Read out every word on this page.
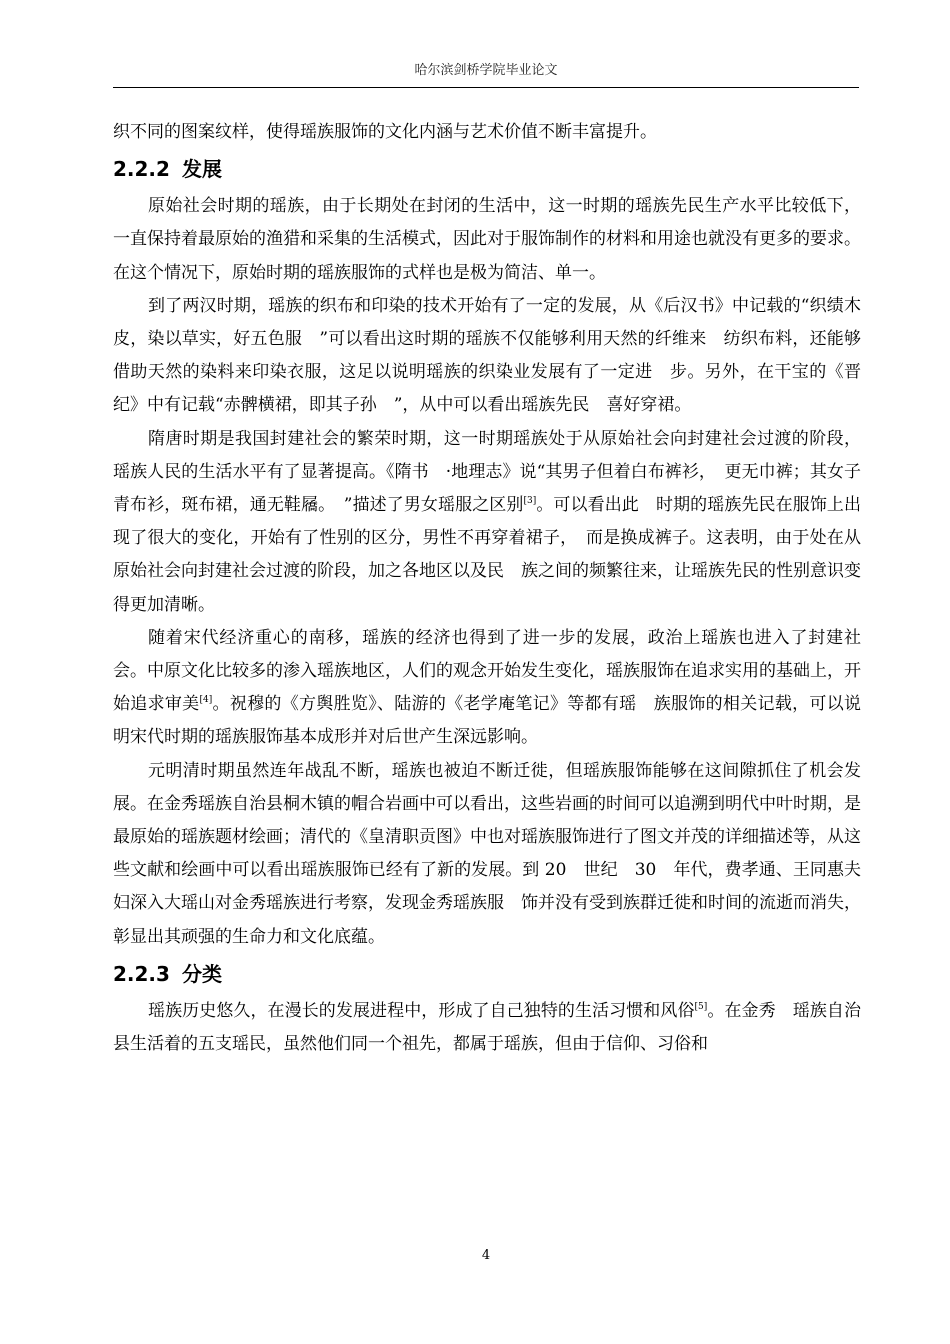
哈尔滨剑桥学院毕业论文

织不同的图案纹样，使得瑶族服饰的文化内涵与艺术价值不断丰富提升。

2.2.2 发展

原始社会时期的瑶族，由于长期处在封闭的生活中，这一时期的瑶族先民生产水平比较低下，一直保持着最原始的渔猎和采集的生活模式，因此对于服饰制作的材料和用途也就没有更多的要求。在这个情况下，原始时期的瑶族服饰的式样也是极为简洁、单一。

到了两汉时期，瑶族的织布和印染的技术开始有了一定的发展，从《后汉书》中记载的“织绩木皮，染以草实，好五色服　”可以看出这时期的瑶族不仅能够利用天然的纤维来　纺织布料，还能够借助天然的染料来印染衣服，这足以说明瑶族的织染业发展有了一定进　步。另外，在干宝的《晋纪》中有记载“赤髀横裙，即其子孙　”，从中可以看出瑶族先民　喜好穿裙。

隋唐时期是我国封建社会的繁荣时期，这一时期瑶族处于从原始社会向封建社会过渡的阶段，瑶族人民的生活水平有了显著提高。《隋书　·地理志》说“其男子但着白布裤衫，　更无巾裤；其女子青布衫，斑布裙，通无鞋屩。　”描述了男女瑶服之区别[3]。可以看出此　时期的瑶族先民在服饰上出现了很大的变化，开始有了性别的区分，男性不再穿着裙子，　而是换成裤子。这表明，由于处在从原始社会向封建社会过渡的阶段，加之各地区以及民　族之间的频繁往来，让瑶族先民的性别意识变得更加清晰。

随着宋代经济重心的南移，瑶族的经济也得到了进一步的发展，政治上瑶族也进入了封建社会。中原文化比较多的渗入瑶族地区，人们的观念开始发生变化，瑶族服饰在追求实用的基础上，开始追求审美[4]。祝穆的《方舆胜览》、陆游的《老学庵笔记》等都有瑶　族服饰的相关记载，可以说明宋代时期的瑶族服饰基本成形并对后世产生深远影响。

元明清时期虽然连年战乱不断，瑶族也被迫不断迁徙，但瑶族服饰能够在这间隙抓住了机会发展。在金秀瑶族自治县桐木镇的帽合岩画中可以看出，这些岩画的时间可以追溯到明代中叶时期，是最原始的瑶族题材绘画；清代的《皇清职贡图》中也对瑶族服饰进行了图文并茂的详细描述等，从这些文献和绘画中可以看出瑶族服饰已经有了新的发展。到 20　世纪　30　年代，费孝通、王同惠夫妇深入大瑶山对金秀瑶族进行考察，发现金秀瑶族服　饰并没有受到族群迁徙和时间的流逝而消失，彰显出其顽强的生命力和文化底蕴。

2.2.3 分类

瑶族历史悠久，在漫长的发展进程中，形成了自己独特的生活习惯和风俗[5]。在金秀　瑶族自治县生活着的五支瑶民，虽然他们同一个祖先，都属于瑶族，但由于信仰、习俗和

4
